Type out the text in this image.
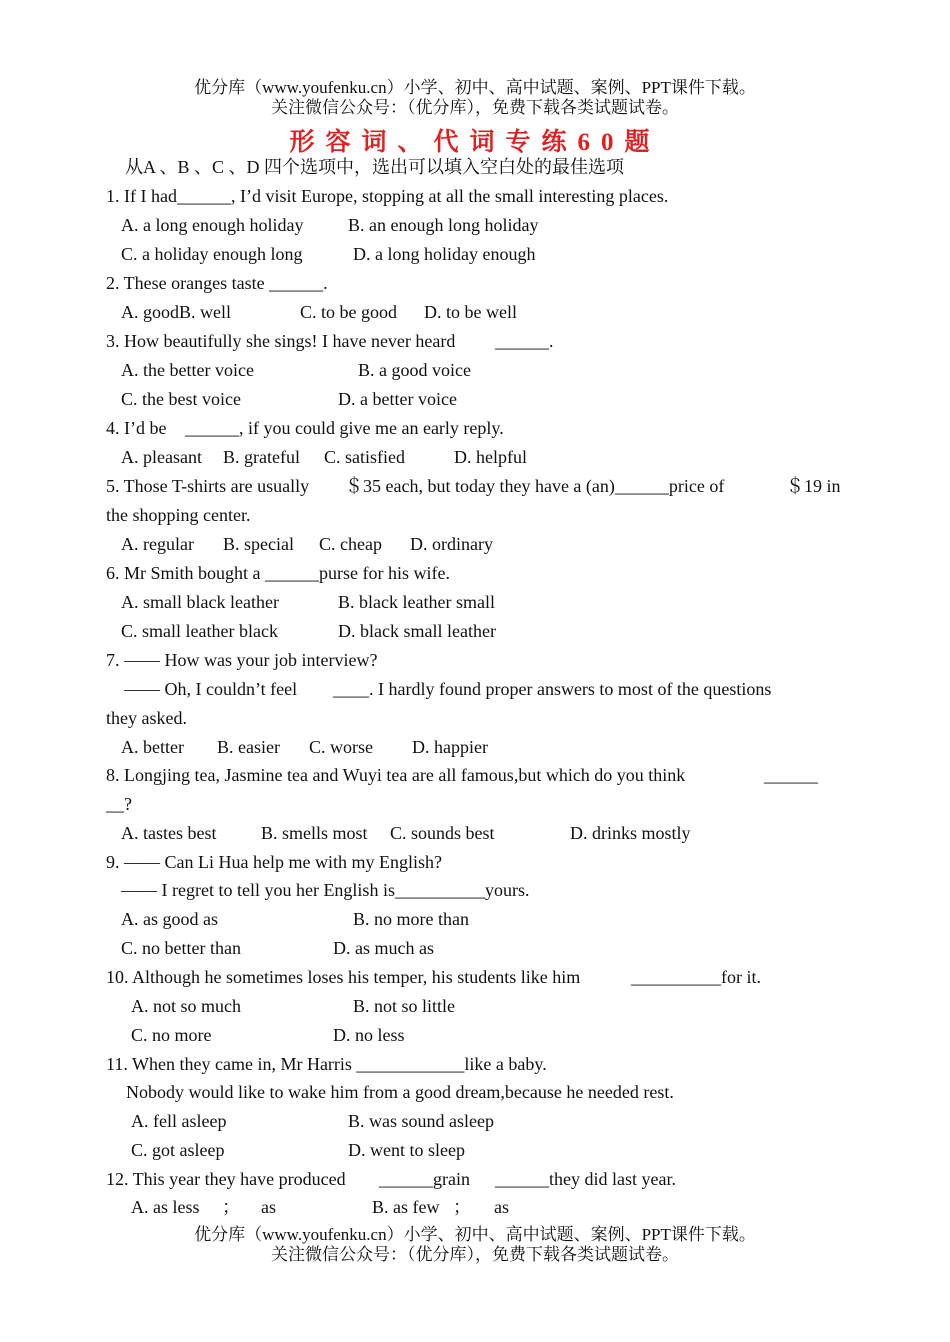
优分库（www.youfenku.cn）小学、初中、高中试题、案例、PPT课件下载。
关注微信公众号：（优分库），免费下载各类试题试卷。
形容词、代词专练60题
从A 、B 、C 、D 四个选项中，选出可以填入空白处的最佳选项
1. If I had______, I’d visit Europe, stopping at all the small interesting places.
A. a long enough holiday B. an enough long holiday
C. a holiday enough long	D. a long holiday enough
2. These oranges taste ______.
A. goodB. well	C. to be good D. to be well
3. How beautifully she sings! I have never heard ______.
A. the better voice	B. a good voice
C. the best voice	D. a better voice
4. I’d be ______, if you could give me an early reply.
A. pleasant B. grateful C. satisfied	D. helpful
5. Those T-shirts are usually ＄35 each, but today they have a (an)______price of	＄19 in
the shopping center.
A. regular B. special C. cheap D. ordinary
6. Mr Smith bought a ______purse for his wife.
A. small black leather	B. black leather small
C. small leather black	D. black small leather
7. —— How was your job interview?
—— Oh, I couldn’t feel ____. I hardly found proper answers to most of the questions
they asked.
A. better B. easier C. worse D. happier
8. Longjing tea, Jasmine tea and Wuyi tea are all famous,but which do you think	______
__?
A. tastes best B. smells most C. sounds best	D. drinks mostly
9. —— Can Li Hua help me with my English?
—— I regret to tell you her English is__________yours.
A. as good as	B. no more than
C. no better than	D. as much as
10. Although he sometimes loses his temper, his students like him	__________for it.
A. not so much	B. not so little
C. no more	D. no less
11. When they came in, Mr Harris ____________like a baby.
Nobody would like to wake him from a good dream,because he needed rest.
A. fell asleep	B. was sound asleep
C. got asleep	D. went to sleep
12. This year they have produced ______grain ______they did last year.
A. as less ； as	B. as few ； as
优分库（www.youfenku.cn）小学、初中、高中试题、案例、PPT课件下载。
关注微信公众号：（优分库），免费下载各类试题试卷。
